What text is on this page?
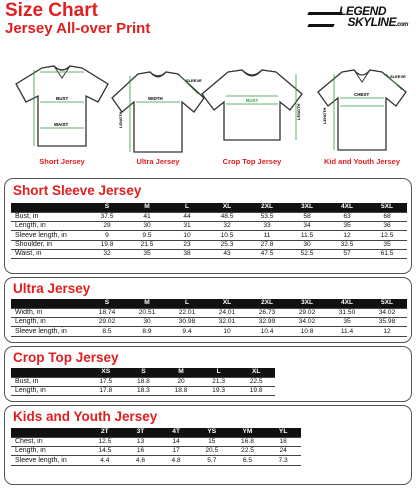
Size Chart
Jersey All-over Print
LEGEND
SKYLINE.com
BUST
WAIST
Short Jersey
WIDTH
SLEEVE
LENGTH
Ultra Jersey
BUST
LENGTH
Crop Top Jersey
CHEST
LENGTH
SLEEVE
Kid and Youth Jersey
Short Sleeve Jersey
	S	M	L	XL	2XL	3XL	4XL	5XL
Bust, in	37.5	41	44	48.5	53.5	58	63	68
Length, in	29	30	31	32	33	34	35	36
Sleeve length, in	9	9.5	10	10.5	11	11.5	12	12.5
Shoulder, in	19.8	21.5	23	25.3	27.8	30	32.5	35
Waist, in	32	35	38	43	47.5	52.5	57	61.5
Ultra Jersey
	S	M	L	XL	2XL	3XL	4XL	5XL
Width, in	18.74	20.51	22.01	24.01	26.73	29.02	31.50	34.02
Length, in	29.02	30	30.98	32.01	32.99	34.02	35	35.98
Sleeve length, in	8.5	8.9	9.4	10	10.4	10.8	11.4	12
Crop Top Jersey
	XS	S	M	L	XL
Bust, in	17.5	18.8	20	21.3	22.5
Length, in	17.8	18.3	18.8	19.3	19.8
Kids and Youth Jersey
	2T	3T	4T	YS	YM	YL
Chest, in	12.5	13	14	15	16.8	18
Length, in	14.5	16	17	20.5	22.5	24
Sleeve length, in	4.4	4.6	4.8	5.7	6.5	7.3
